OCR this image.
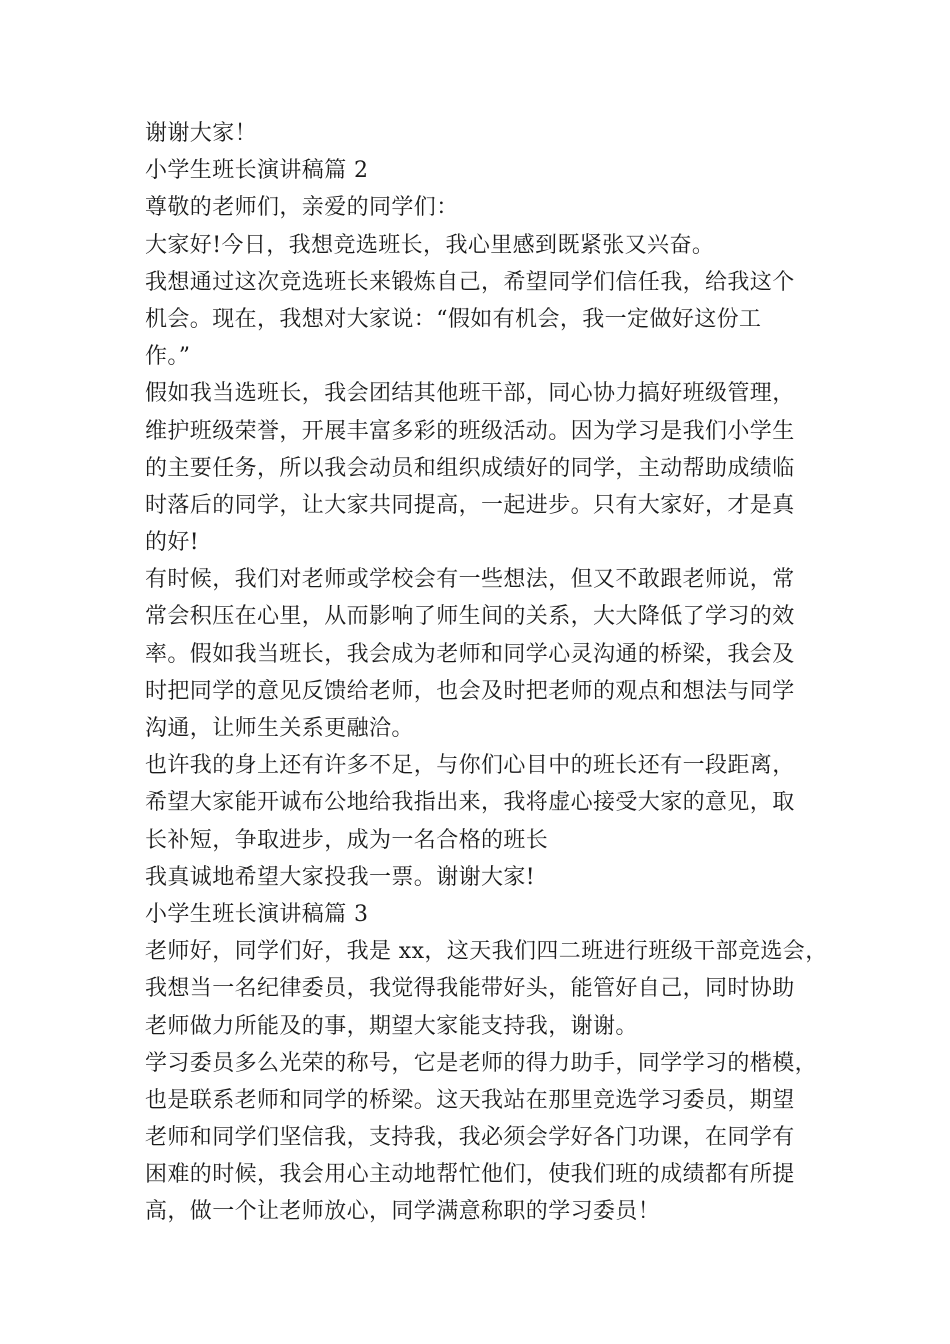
谢谢大家！
小学生班长演讲稿篇 2
尊敬的老师们，亲爱的同学们：
大家好!今日，我想竞选班长，我心里感到既紧张又兴奋。
我想通过这次竞选班长来锻炼自己，希望同学们信任我，给我这个
机会。现在，我想对大家说：“假如有机会，我一定做好这份工
作。”
假如我当选班长，我会团结其他班干部，同心协力搞好班级管理，
维护班级荣誉，开展丰富多彩的班级活动。因为学习是我们小学生
的主要任务，所以我会动员和组织成绩好的同学，主动帮助成绩临
时落后的同学，让大家共同提高，一起进步。只有大家好，才是真
的好!
有时候，我们对老师或学校会有一些想法，但又不敢跟老师说，常
常会积压在心里，从而影响了师生间的关系，大大降低了学习的效
率。假如我当班长，我会成为老师和同学心灵沟通的桥梁，我会及
时把同学的意见反馈给老师，也会及时把老师的观点和想法与同学
沟通，让师生关系更融洽。
也许我的身上还有许多不足，与你们心目中的班长还有一段距离，
希望大家能开诚布公地给我指出来，我将虚心接受大家的意见，取
长补短，争取进步，成为一名合格的班长
我真诚地希望大家投我一票。谢谢大家!
小学生班长演讲稿篇 3
老师好，同学们好，我是 xx，这天我们四二班进行班级干部竞选会，
我想当一名纪律委员，我觉得我能带好头，能管好自己，同时协助
老师做力所能及的事，期望大家能支持我，谢谢。
学习委员多么光荣的称号，它是老师的得力助手，同学学习的楷模，
也是联系老师和同学的桥梁。这天我站在那里竞选学习委员，期望
老师和同学们坚信我，支持我，我必须会学好各门功课，在同学有
困难的时候，我会用心主动地帮忙他们，使我们班的成绩都有所提
高，做一个让老师放心，同学满意称职的学习委员！
